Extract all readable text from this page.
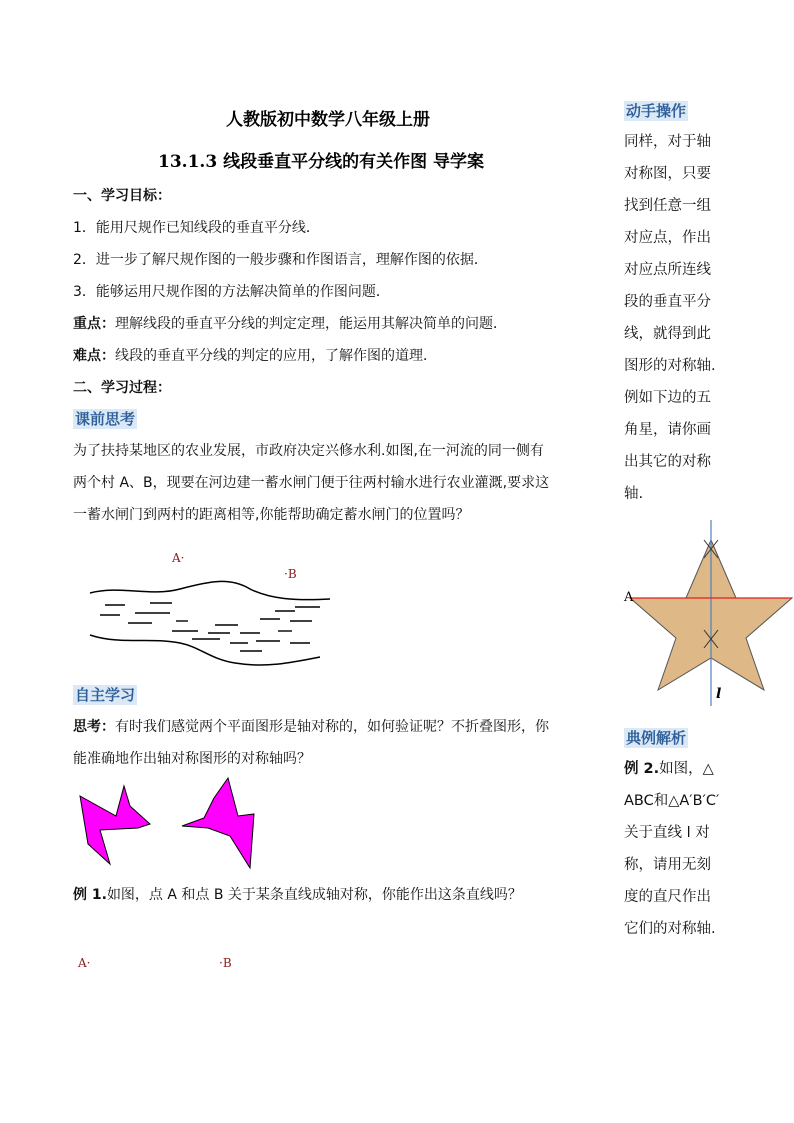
人教版初中数学八年级上册
13.1.3 线段垂直平分线的有关作图 导学案
一、学习目标：
1．能用尺规作已知线段的垂直平分线．
2．进一步了解尺规作图的一般步骤和作图语言，理解作图的依据．
3．能够运用尺规作图的方法解决简单的作图问题．
重点：理解线段的垂直平分线的判定定理，能运用其解决简单的问题．
难点：线段的垂直平分线的判定的应用，了解作图的道理．
二、学习过程：
课前思考
为了扶持某地区的农业发展，市政府决定兴修水利.如图,在一河流的同一侧有
两个村 A、B，现要在河边建一蓄水闸门便于往两村输水进行农业灌溉,要求这
一蓄水闸门到两村的距离相等,你能帮助确定蓄水闸门的位置吗？
A·
·B
自主学习
思考：有时我们感觉两个平面图形是轴对称的，如何验证呢？不折叠图形，你
能准确地作出轴对称图形的对称轴吗？
例 1.如图，点 A 和点 B 关于某条直线成轴对称，你能作出这条直线吗？
A·	·B
动手操作
同样，对于轴
对称图，只要
找到任意一组
对应点，作出
对应点所连线
段的垂直平分
线，就得到此
图形的对称轴.
例如下边的五
角星，请你画
出其它的对称
轴.
A
l
典例解析
例 2.如图，△
ABC和△A′B′C′
关于直线 l 对
称，请用无刻
度的直尺作出
它们的对称轴.
